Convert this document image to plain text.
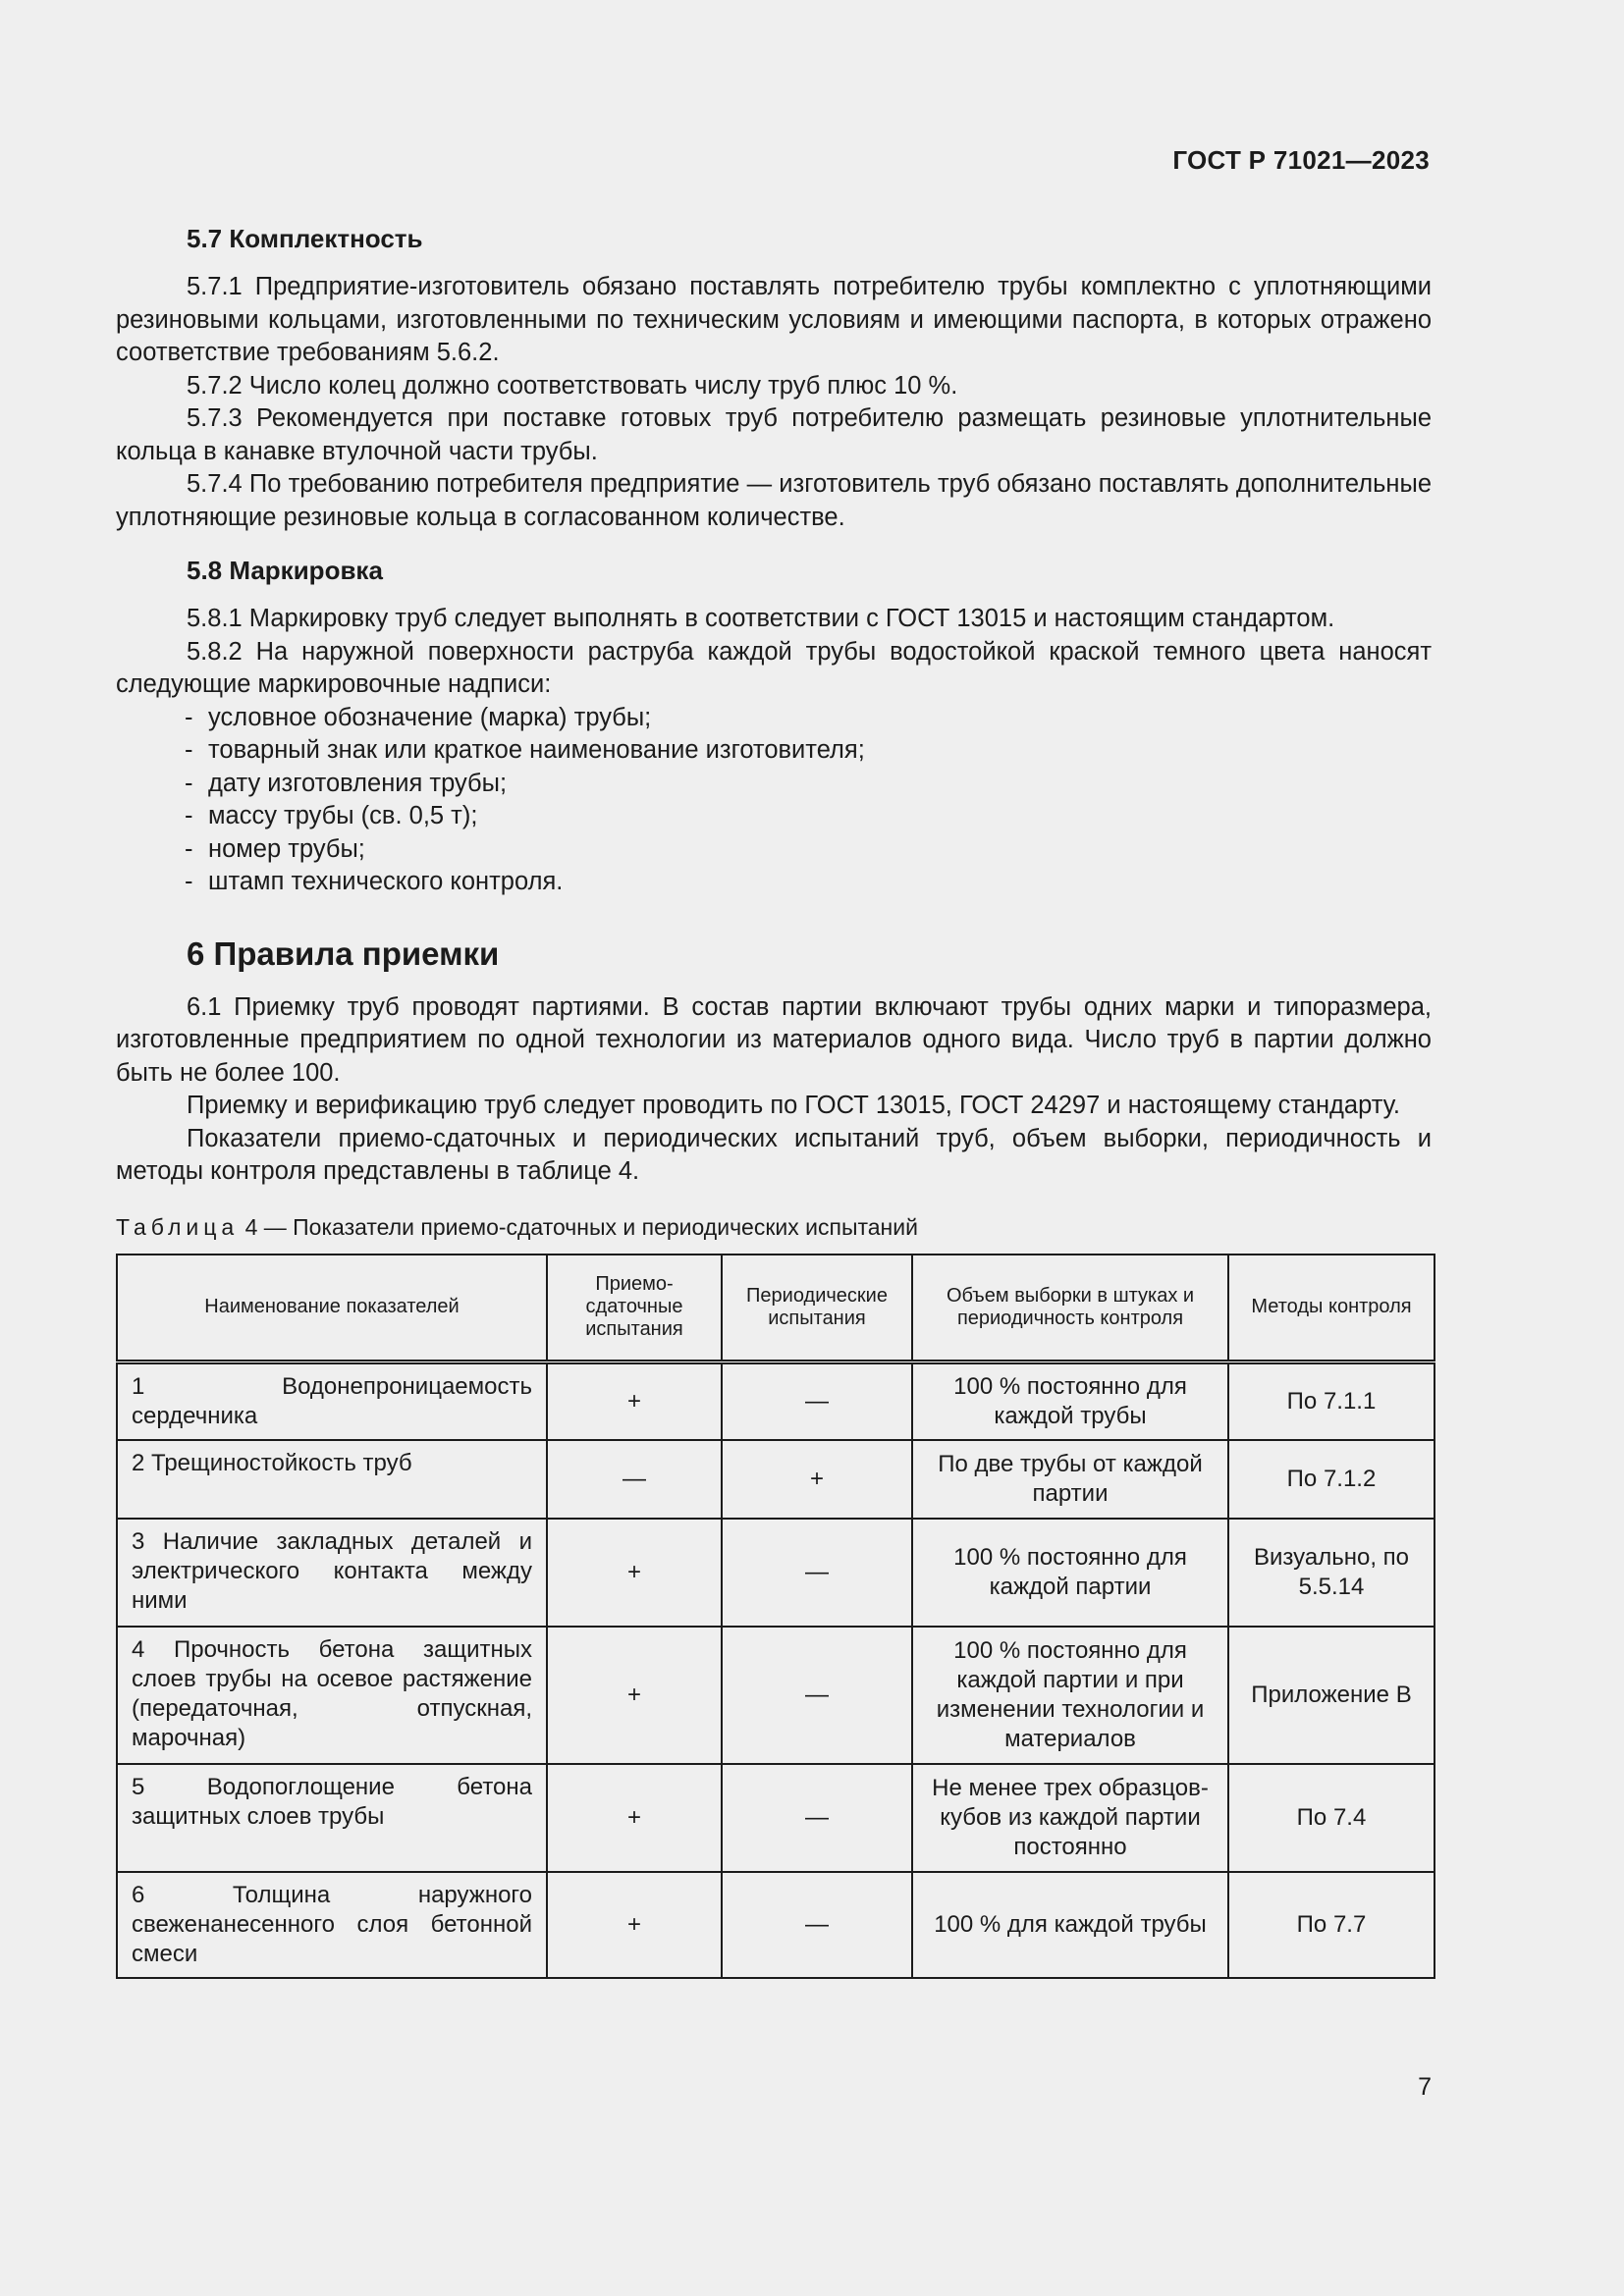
ГОСТ Р 71021—2023
5.7 Комплектность

5.7.1 Предприятие-изготовитель обязано поставлять потребителю трубы комплектно с уплотняющими резиновыми кольцами, изготовленными по техническим условиям и имеющими паспорта, в которых отражено соответствие требованиям 5.6.2.

5.7.2 Число колец должно соответствовать числу труб плюс 10 %.

5.7.3 Рекомендуется при поставке готовых труб потребителю размещать резиновые уплотнительные кольца в канавке втулочной части трубы.

5.7.4 По требованию потребителя предприятие — изготовитель труб обязано поставлять дополнительные уплотняющие резиновые кольца в согласованном количестве.

5.8 Маркировка

5.8.1 Маркировку труб следует выполнять в соответствии с ГОСТ 13015 и настоящим стандартом.

5.8.2 На наружной поверхности раструба каждой трубы водостойкой краской темного цвета наносят следующие маркировочные надписи:

- условное обозначение (марка) трубы;
- товарный знак или краткое наименование изготовителя;
- дату изготовления трубы;
- массу трубы (св. 0,5 т);
- номер трубы;
- штамп технического контроля.
6 Правила приемки

6.1 Приемку труб проводят партиями. В состав партии включают трубы одних марки и типоразмера, изготовленные предприятием по одной технологии из материалов одного вида. Число труб в партии должно быть не более 100.

Приемку и верификацию труб следует проводить по ГОСТ 13015, ГОСТ 24297 и настоящему стандарту.

Показатели приемо-сдаточных и периодических испытаний труб, объем выборки, периодичность и методы контроля представлены в таблице 4.

Таблица 4 — Показатели приемо-сдаточных и периодических испытаний
Наименование показателей	Приемо-сдаточные испытания	Периодические испытания	Объем выборки в штуках и периодичность контроля	Методы контроля
1 Водонепроницаемость сердечника	+	—	100 % постоянно для каждой трубы	По 7.1.1
2 Трещиностойкость труб	—	+	По две трубы от каждой партии	По 7.1.2
3 Наличие закладных деталей и электрического контакта между ними	+	—	100 % постоянно для каждой партии	Визуально, по 5.5.14
4 Прочность бетона защитных слоев трубы на осевое растяжение (передаточная, отпускная, марочная)	+	—	100 % постоянно для каждой партии и при изменении технологии и материалов	Приложение В
5 Водопоглощение бетона защитных слоев трубы	+	—	Не менее трех образцов-кубов из каждой партии постоянно	По 7.4
6 Толщина наружного свеженанесенного слоя бетонной смеси	+	—	100 % для каждой трубы	По 7.7
7
